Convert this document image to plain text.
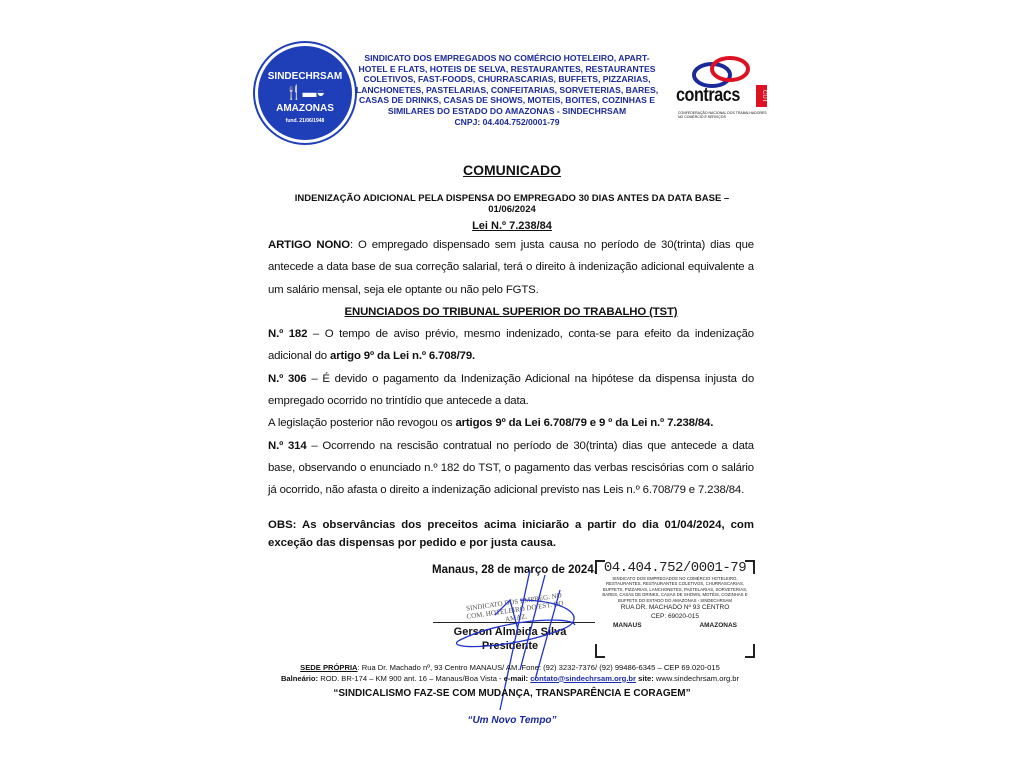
SINDECHRSAM
🍴▬◒
AMAZONAS
fund. 21/06/1948
SINDICATO DOS EMPREGADOS NO COMÉRCIO HOTELEIRO, APART-HOTEL E FLATS, HOTEIS DE SELVA, RESTAURANTES, RESTAURANTES COLETIVOS, FAST-FOODS, CHURRASCARIAS, BUFFETS, PIZZARIAS, LANCHONETES, PASTELARIAS, CONFEITARIAS, SORVETERIAS, BARES, CASAS DE DRINKS, CASAS DE SHOWS, MOTEIS, BOITES, COZINHAS E SIMILARES DO ESTADO DO AMAZONAS - SINDECHRSAM
CNPJ: 04.404.752/0001-79
contracs	CUT
CONFEDERAÇÃO NACIONAL DOS TRABALHADORES NO COMÉRCIO E SERVIÇOS
COMUNICADO
INDENIZAÇÃO ADICIONAL PELA DISPENSA DO EMPREGADO 30 DIAS ANTES DA DATA BASE – 01/06/2024
Lei N.º 7.238/84

ARTIGO NONO: O empregado dispensado sem justa causa no período de 30(trinta) dias que antecede a data base de sua correção salarial, terá o direito à indenização adicional equivalente a um salário mensal, seja ele optante ou não pelo FGTS.

ENUNCIADOS DO TRIBUNAL SUPERIOR DO TRABALHO (TST)

N.º 182 – O tempo de aviso prévio, mesmo indenizado, conta-se para efeito da indenização adicional do artigo 9º da Lei n.º 6.708/79.

N.º 306 – É devido o pagamento da Indenização Adicional na hipótese da dispensa injusta do empregado ocorrido no trintídio que antecede a data.

A legislação posterior não revogou os artigos 9º da Lei 6.708/79 e 9 º da Lei n.º 7.238/84.

N.º 314 – Ocorrendo na rescisão contratual no período de 30(trinta) dias que antecede a data base, observando o enunciado n.º 182 do TST, o pagamento das verbas rescisórias com o salário já ocorrido, não afasta o direito a indenização adicional previsto nas Leis n.º 6.708/79 e 7.238/84.

OBS: As observâncias dos preceitos acima iniciarão a partir do dia 01/04/2024, com exceção das dispensas por pedido e por justa causa.
Manaus, 28 de março de 2024. 04.404.752/0001-79
SINDICATO DOS EMPREGADOS NO COMÉRCIO HOTELEIRO, RESTAURANTES, RESTAURANTES COLETIVOS, CHURRASCARIAS, BUFFETS, PIZZARIAS, LANCHONETES, PASTELARIAS, SORVETERIAS, BARES, CASAS DE DRINKS, CASAS DE SHOWS, MOTÉIS, COZINHAS E BUFFETS DO ESTADO DO AMAZONAS - SINDECHRSAM
RUA DR. MACHADO Nº 93 CENTRO
CEP: 69020-015
MANAUS	AMAZONAS
SINDICATO DOS EMPREG. NO COM. HOTELEIRO DO EST. DO AMAZ.
Gerson Almeida Silva
Presidente
SEDE PRÓPRIA: Rua Dr. Machado nº, 93 Centro MANAUS/ AM. Fone: (92) 3232-7376/ (92) 99486-6345 – CEP 69.020-015
Balneário: ROD. BR-174 – KM 900 ant. 16 – Manaus/Boa Vista - e-mail: contato@sindechrsam.org.br site: www.sindechrsam.org.br
“SINDICALISMO FAZ-SE COM MUDANÇA, TRANSPARÊNCIA E CORAGEM”
“Um Novo Tempo”
